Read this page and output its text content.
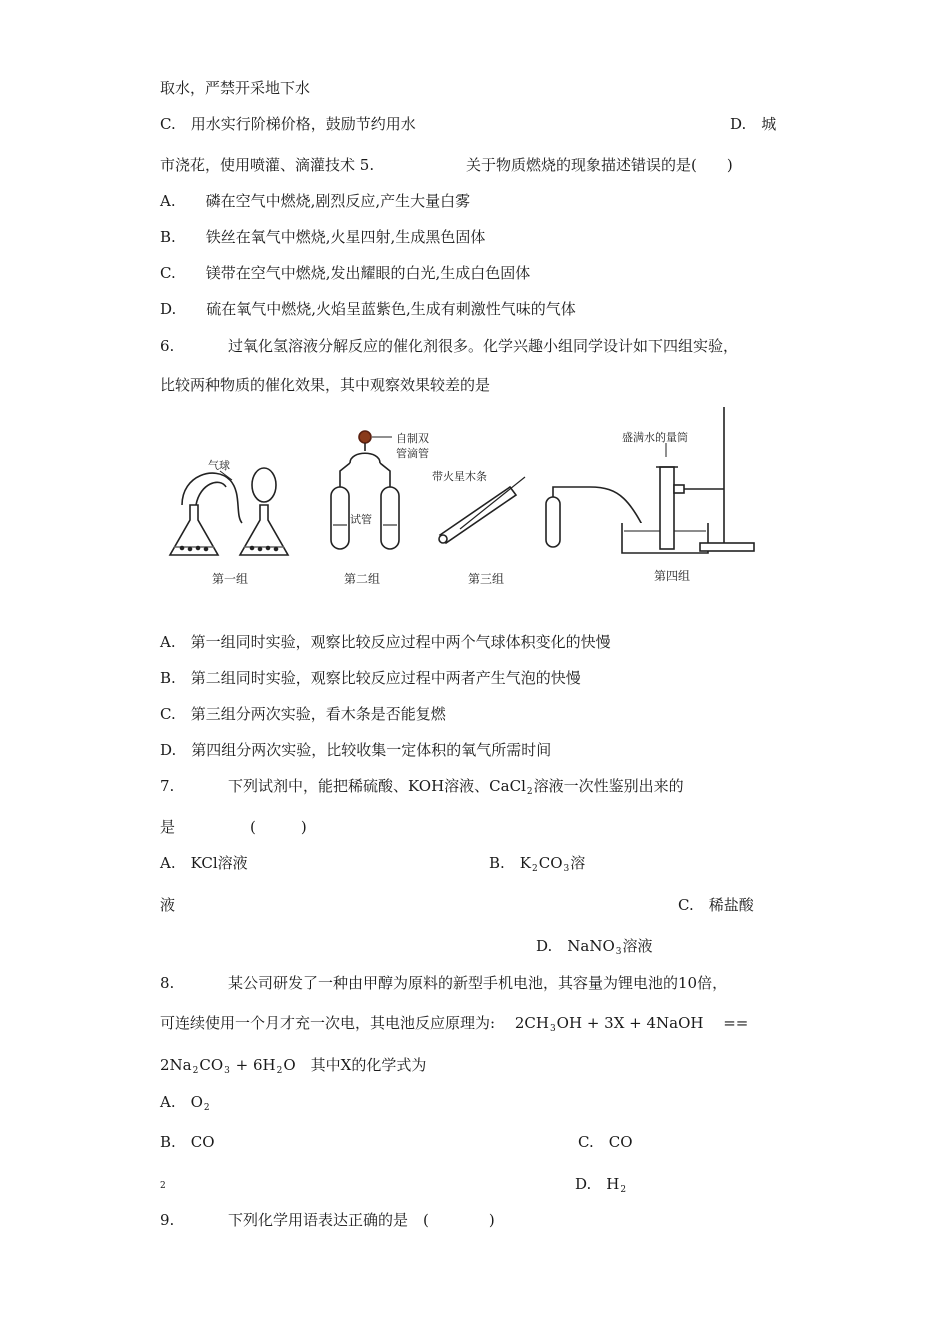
取水，严禁开采地下水
C.　用水实行阶梯价格，鼓励节约用水	D.　城
市浇花，使用喷灌、滴灌技术 5.	关于物质燃烧的现象描述错误的是(　　)
A.　　磷在空气中燃烧,剧烈反应,产生大量白雾
B.　　铁丝在氧气中燃烧,火星四射,生成黑色固体
C.　　镁带在空气中燃烧,发出耀眼的白光,生成白色固体
D.　　硫在氧气中燃烧,火焰呈蓝紫色,生成有刺激性气味的气体
6.	过氧化氢溶液分解反应的催化剂很多。化学兴趣小组同学设计如下四组实验，
比较两种物质的催化效果，其中观察效果较差的是
气球
第一组
自制双
管滴管
试管
第二组
带火星木条
第三组
盛满水的量筒
第四组
A.　第一组同时实验，观察比较反应过程中两个气球体积变化的快慢
B.　第二组同时实验，观察比较反应过程中两者产生气泡的快慢
C.　第三组分两次实验，看木条是否能复燃
D.　第四组分两次实验，比较收集一定体积的氧气所需时间
7.	下列试剂中，能把稀硫酸、KOH溶液、CaCl$_2$溶液一次性鉴别出来的
是　　　　　(　　　)
A.　KCl溶液	B.　$K_2CO_3$溶
液	C.　稀盐酸
D.　NaNO$_3$溶液
8.	某公司研发了一种由甲醇为原料的新型手机电池，其容量为锂电池的10倍，
可连续使用一个月才充一次电，其电池反应原理为:　 $2CH_3OH + 3X$ + 4NaOH　 ==
$2Na_2CO_3 + 6H_2O$　其中X的化学式为
A.　$O_2$
B.　CO	C.　CO
2	D.　$H_2$
9.	下列化学用语表达正确的是　(　　　　)
